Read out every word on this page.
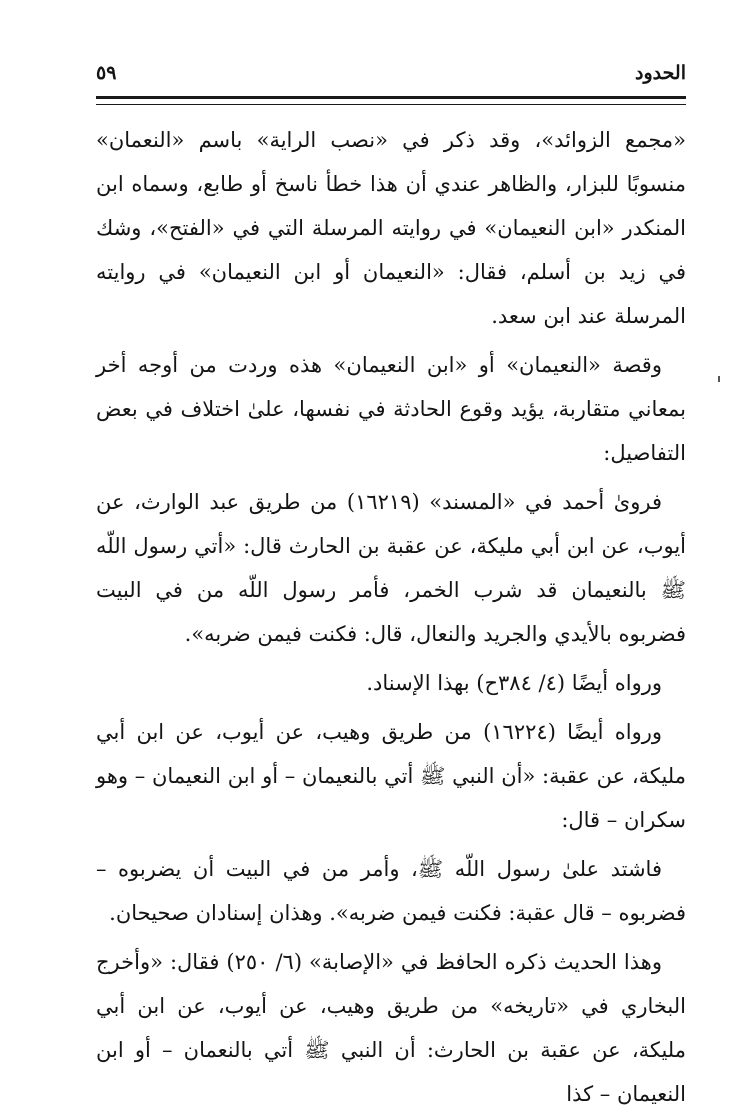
الحدود
٥٩

«مجمع الزوائد»، وقد ذكر في «نصب الراية» باسم «النعمان» منسوبًا للبزار، والظاهر عندي أن هذا خطأ ناسخ أو طابع، وسماه ابن المنكدر «ابن النعيمان» في روايته المرسلة التي في «الفتح»، وشك في زيد بن أسلم، فقال: «النعيمان أو ابن النعيمان» في روايته المرسلة عند ابن سعد.

وقصة «النعيمان» أو «ابن النعيمان» هذه وردت من أوجه أخر بمعاني متقاربة، يؤيد وقوع الحادثة في نفسها، علىٰ اختلاف في بعض التفاصيل:

فروىٰ أحمد في «المسند» (١٦٢١٩) من طريق عبد الوارث، عن أيوب، عن ابن أبي مليكة، عن عقبة بن الحارث قال: «أتي رسول اللّه ﷺ بالنعيمان قد شرب الخمر، فأمر رسول اللّه من في البيت فضربوه بالأيدي والجريد والنعال، قال: فكنت فيمن ضربه».

ورواه أيضًا (٤/ ٣٨٤ح) بهذا الإسناد.

ورواه أيضًا (١٦٢٢٤) من طريق وهيب، عن أيوب، عن ابن أبي مليكة، عن عقبة: «أن النبي ﷺ أتي بالنعيمان – أو ابن النعيمان – وهو سكران – قال:

فاشتد علىٰ رسول اللّه ﷺ، وأمر من في البيت أن يضربوه – فضربوه – قال عقبة: فكنت فيمن ضربه». وهذان إسنادان صحيحان.

وهذا الحديث ذكره الحافظ في «الإصابة» (٦/ ٢٥٠) فقال: «وأخرج البخاري في «تاريخه» من طريق وهيب، عن أيوب، عن ابن أبي مليكة، عن عقبة بن الحارث: أن النبي ﷺ أتي بالنعمان – أو ابن النعيمان – كذا
